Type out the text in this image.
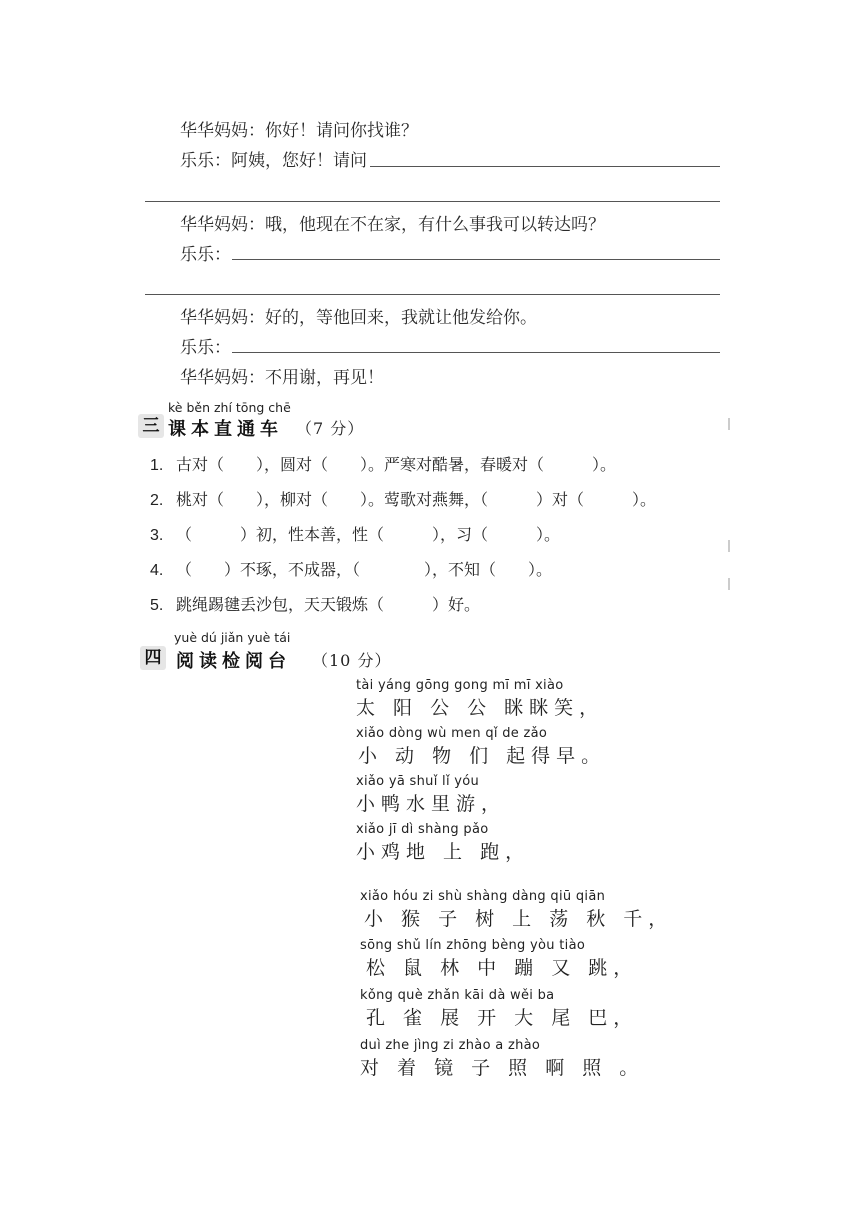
华华妈妈：你好！请问你找谁？
乐乐：阿姨，您好！请问
华华妈妈：哦，他现在不在家，有什么事我可以转达吗？
乐乐：
华华妈妈：好的，等他回来，我就让他发给你。
乐乐：
华华妈妈：不用谢，再见！
kè běn zhí tōng chē
三 课本直通车 （7 分）
1. 古对（　　），圆对（　　）。严寒对酷暑，春暖对（　　　）。
2. 桃对（　　），柳对（　　）。莺歌对燕舞，（　　　）对（　　　）。
3. （　　　）初，性本善，性（　　　），习（　　　）。
4. （　　）不琢，不成器，（　　　　），不知（　　）。
5. 跳绳踢毽丢沙包，天天锻炼（　　　）好。
yuè dú jiǎn yuè tái
四 阅读检阅台 （10 分）
tài yáng gōng gong mī mī xiào
太 阳 公 公 眯眯笑，
xiǎo dòng wù men qǐ de zǎo
小 动 物 们 起得早。
xiǎo yā shuǐ lǐ yóu
小鸭水里游，
xiǎo jī dì shàng pǎo
小鸡地 上 跑，
xiǎo hóu zi shù shàng dàng qiū qiān
小 猴 子 树 上 荡 秋 千，
sōng shǔ lín zhōng bèng yòu tiào
松 鼠 林 中 蹦 又 跳，
kǒng què zhǎn kāi dà wěi ba
孔 雀 展 开 大 尾 巴，
duì zhe jìng zi zhào a zhào
对 着 镜 子 照 啊 照 。
